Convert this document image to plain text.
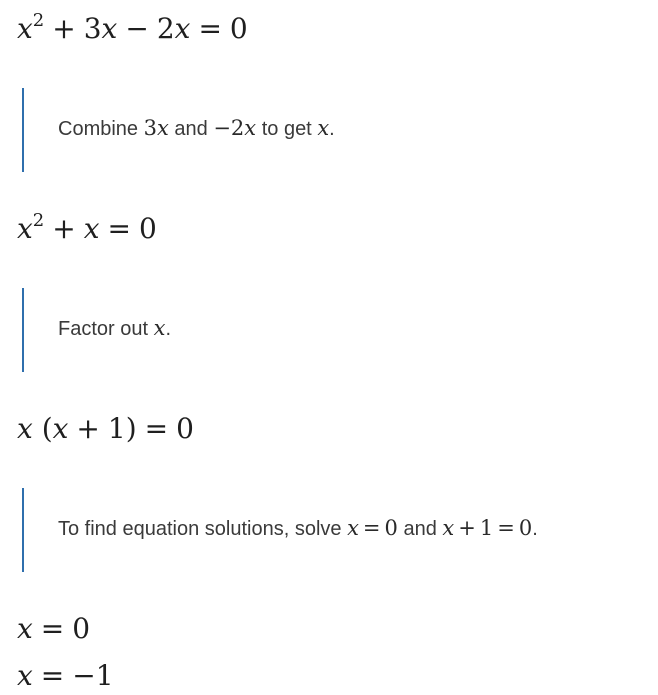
$x^2 + 3x - 2x = 0$
Combine 3x and −2x to get x.
$x^2 + x = 0$
Factor out x.
x (x + 1) = 0
To find equation solutions, solve x = 0 and x + 1 = 0.
x = 0
x = −1
